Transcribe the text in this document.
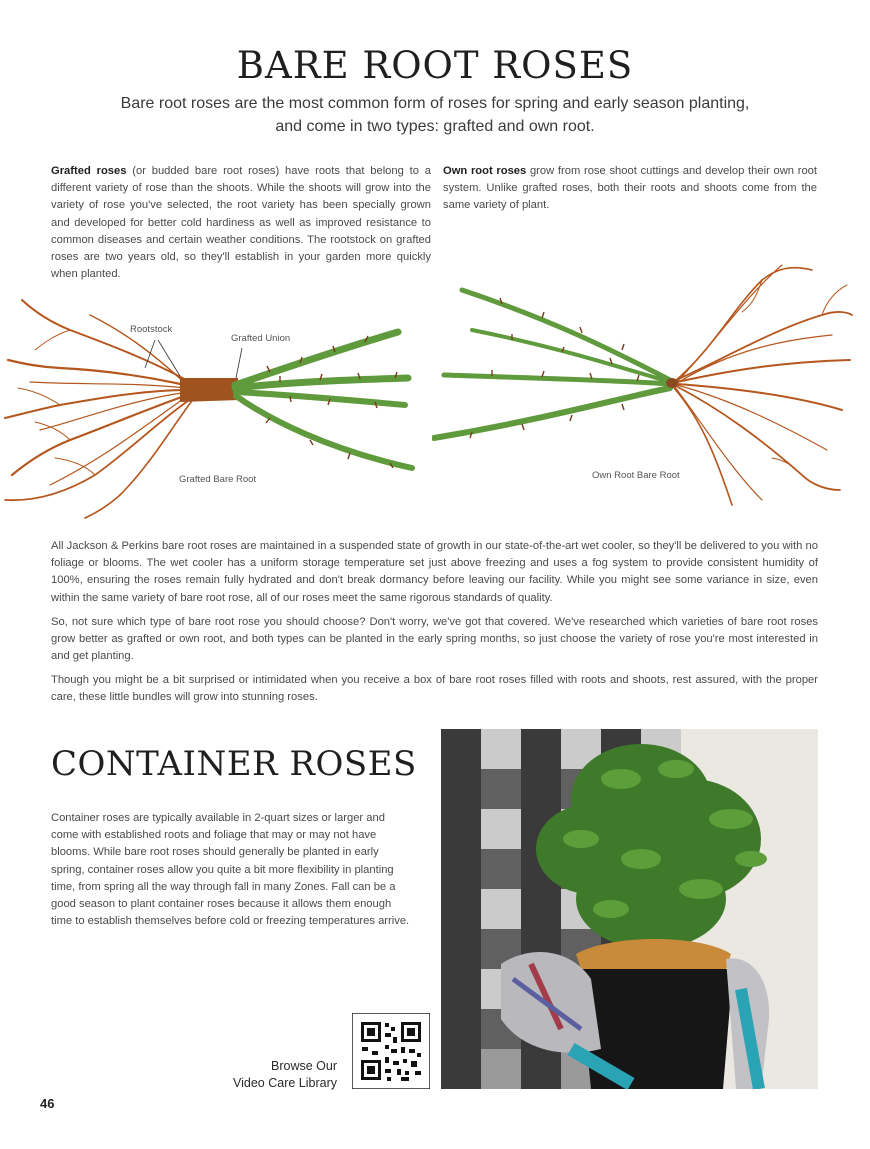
BARE ROOT ROSES

Bare root roses are the most common form of roses for spring and early season planting,
and come in two types: grafted and own root.

Grafted roses (or budded bare root roses) have roots that belong to a different variety of rose than the shoots. While the shoots will grow into the variety of rose you've selected, the root variety has been specially grown and developed for better cold hardiness as well as improved resistance to common diseases and certain weather conditions. The rootstock on grafted roses are two years old, so they'll establish in your garden more quickly when planted.

Own root roses grow from rose shoot cuttings and develop their own root system. Unlike grafted roses, both their roots and shoots come from the same variety of plant.

Rootstock
Grafted Union
Grafted Bare Root	Own Root Bare Root

All Jackson & Perkins bare root roses are maintained in a suspended state of growth in our state-of-the-art wet cooler, so they'll be delivered to you with no foliage or blooms. The wet cooler has a uniform storage temperature set just above freezing and uses a fog system to provide consistent humidity of 100%, ensuring the roses remain fully hydrated and don't break dormancy before leaving our facility. While you might see some variance in size, even within the same variety of bare root rose, all of our roses meet the same rigorous standards of quality.

So, not sure which type of bare root rose you should choose? Don't worry, we've got that covered. We've researched which varieties of bare root roses grow better as grafted or own root, and both types can be planted in the early spring months, so just choose the variety of rose you're most interested in and get planting.

Though you might be a bit surprised or intimidated when you receive a box of bare root roses filled with roots and shoots, rest assured, with the proper care, these little bundles will grow into stunning roses.

CONTAINER ROSES

Container roses are typically available in 2-quart sizes or larger and come with established roots and foliage that may or may not have blooms. While bare root roses should generally be planted in early spring, container roses allow you quite a bit more flexibility in planting time, from spring all the way through fall in many Zones. Fall can be a good season to plant container roses because it allows them enough time to establish themselves before cold or freezing temperatures arrive.

Browse Our
Video Care Library
46
